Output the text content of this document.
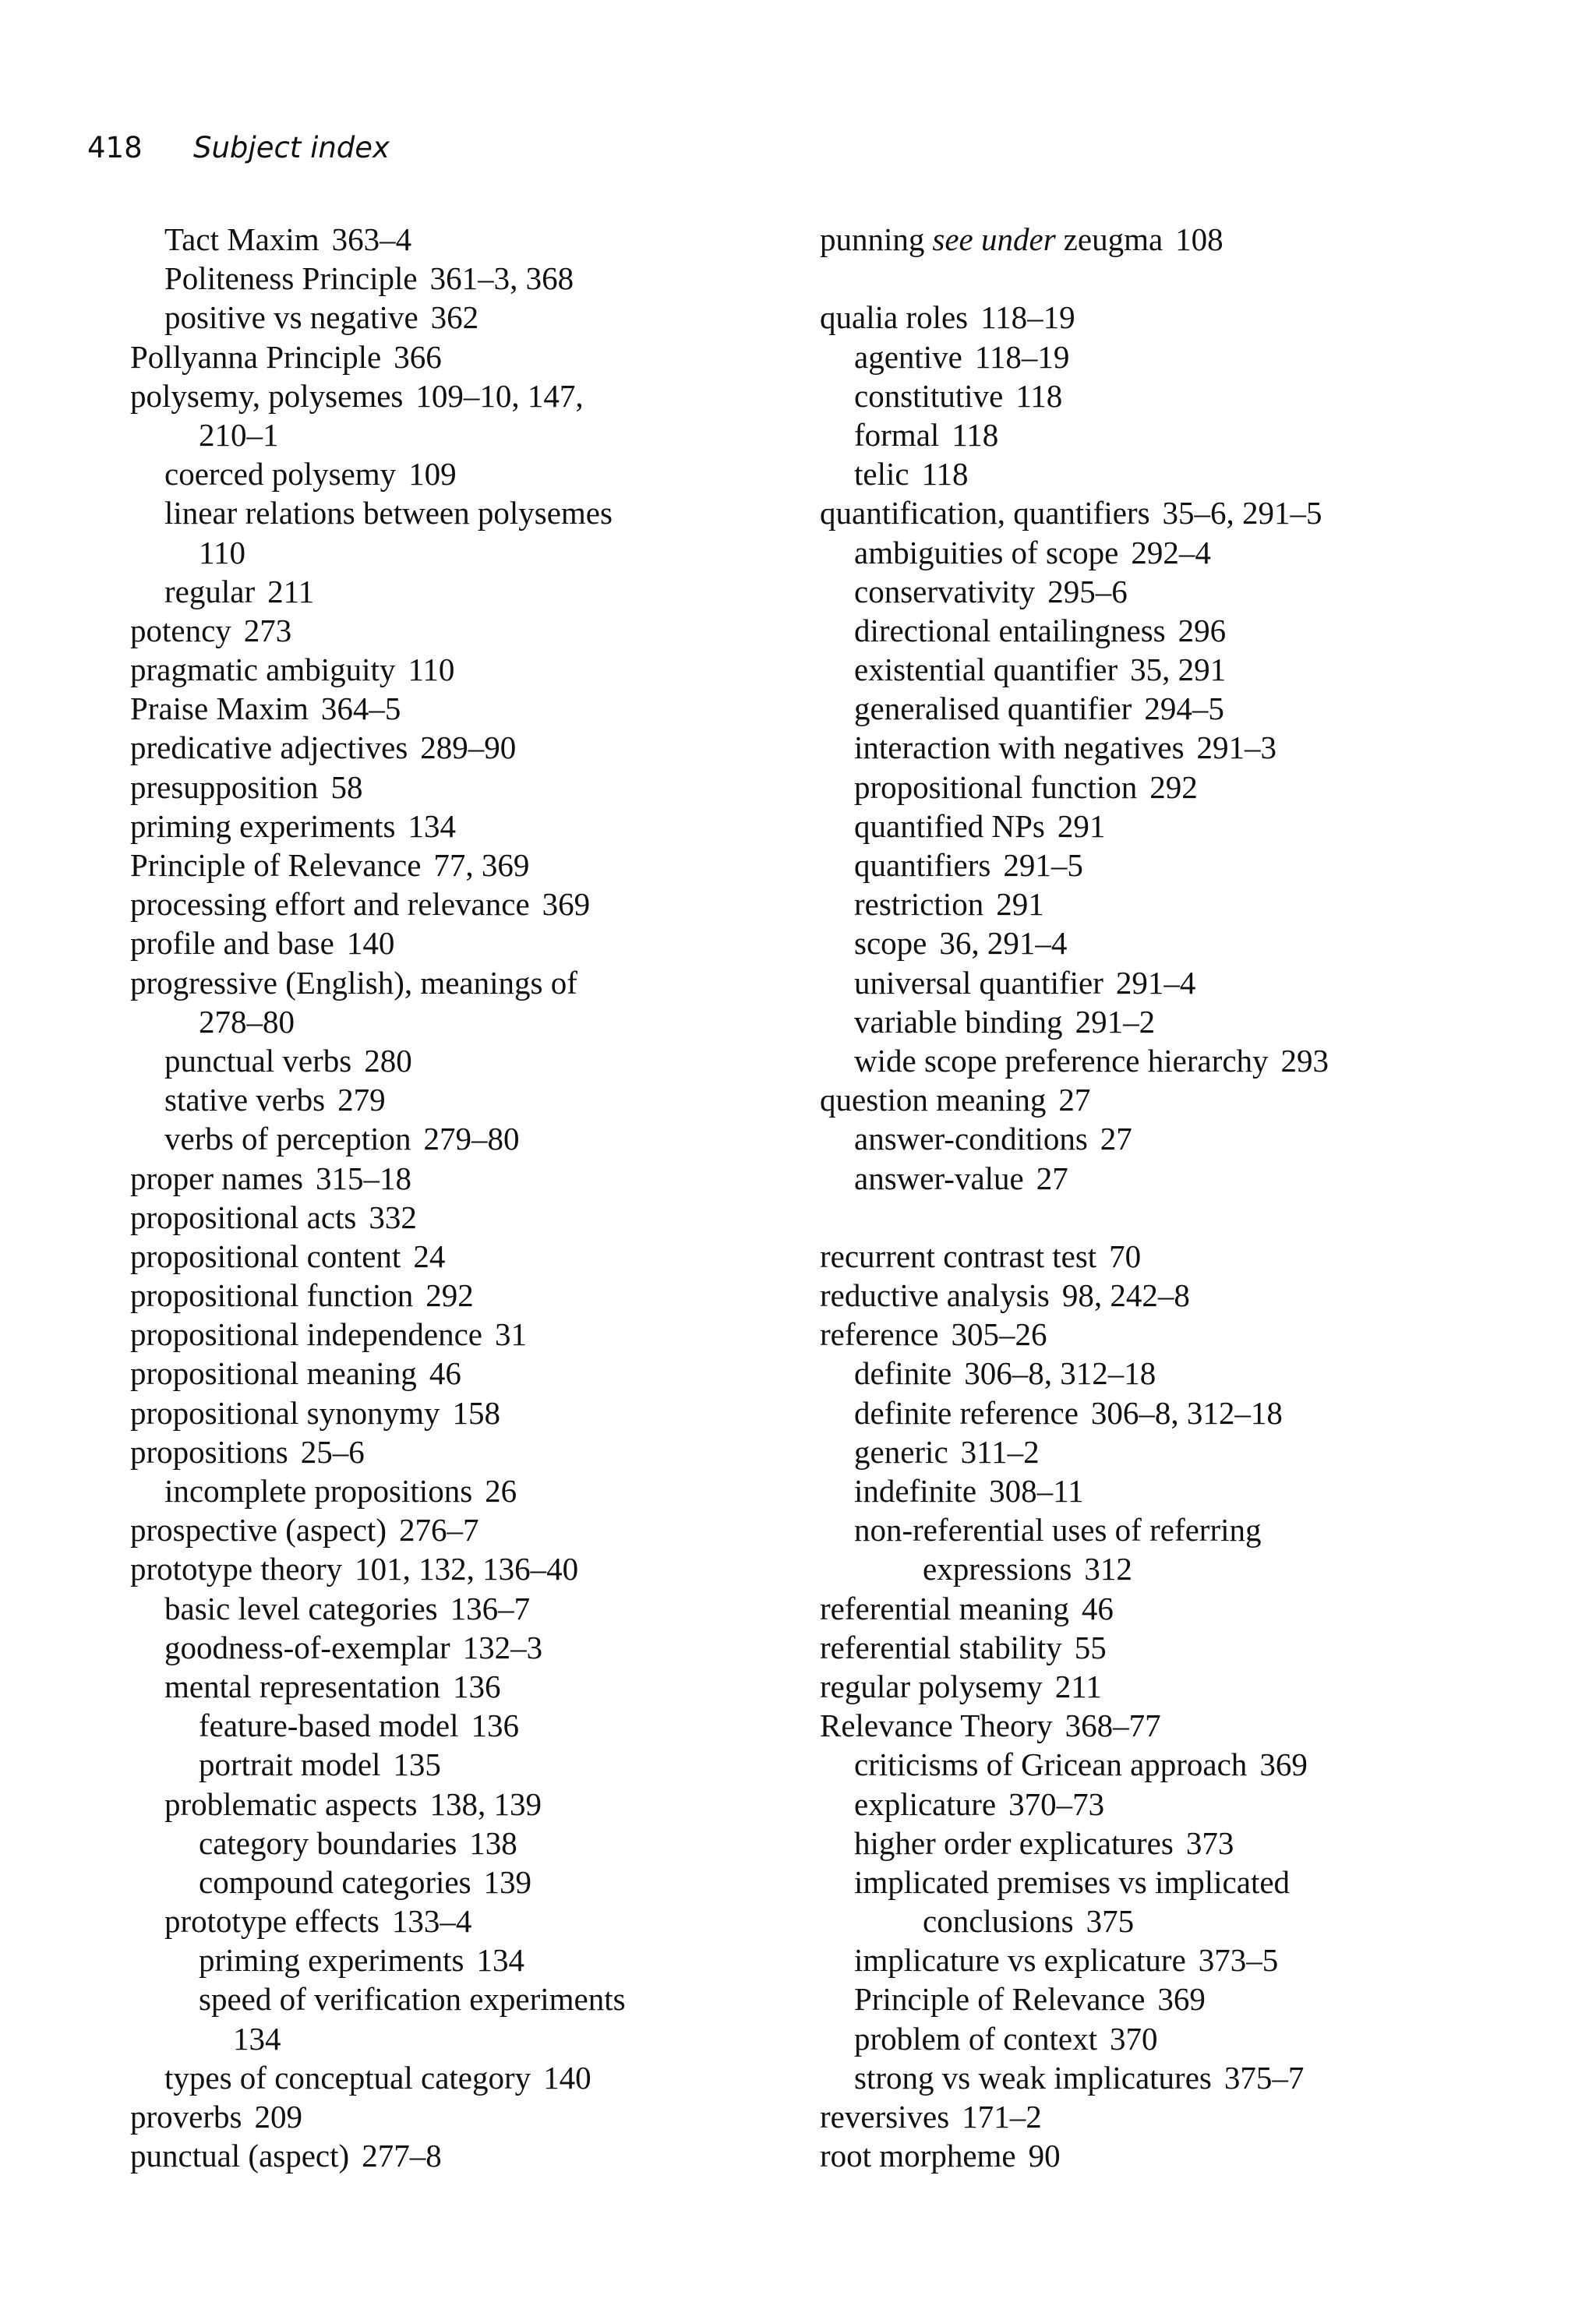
418 Subject index
Tact Maxim 363–4
Politeness Principle 361–3, 368
positive vs negative 362
Pollyanna Principle 366
polysemy, polysemes 109–10, 147,
210–1
coerced polysemy 109
linear relations between polysemes
110
regular 211
potency 273
pragmatic ambiguity 110
Praise Maxim 364–5
predicative adjectives 289–90
presupposition 58
priming experiments 134
Principle of Relevance 77, 369
processing effort and relevance 369
profile and base 140
progressive (English), meanings of
278–80
punctual verbs 280
stative verbs 279
verbs of perception 279–80
proper names 315–18
propositional acts 332
propositional content 24
propositional function 292
propositional independence 31
propositional meaning 46
propositional synonymy 158
propositions 25–6
incomplete propositions 26
prospective (aspect) 276–7
prototype theory 101, 132, 136–40
basic level categories 136–7
goodness-of-exemplar 132–3
mental representation 136
feature-based model 136
portrait model 135
problematic aspects 138, 139
category boundaries 138
compound categories 139
prototype effects 133–4
priming experiments 134
speed of verification experiments
134
types of conceptual category 140
proverbs 209
punctual (aspect) 277–8
punning see under zeugma 108
qualia roles 118–19
agentive 118–19
constitutive 118
formal 118
telic 118
quantification, quantifiers 35–6, 291–5
ambiguities of scope 292–4
conservativity 295–6
directional entailingness 296
existential quantifier 35, 291
generalised quantifier 294–5
interaction with negatives 291–3
propositional function 292
quantified NPs 291
quantifiers 291–5
restriction 291
scope 36, 291–4
universal quantifier 291–4
variable binding 291–2
wide scope preference hierarchy 293
question meaning 27
answer-conditions 27
answer-value 27
recurrent contrast test 70
reductive analysis 98, 242–8
reference 305–26
definite 306–8, 312–18
definite reference 306–8, 312–18
generic 311–2
indefinite 308–11
non-referential uses of referring
expressions 312
referential meaning 46
referential stability 55
regular polysemy 211
Relevance Theory 368–77
criticisms of Gricean approach 369
explicature 370–73
higher order explicatures 373
implicated premises vs implicated
conclusions 375
implicature vs explicature 373–5
Principle of Relevance 369
problem of context 370
strong vs weak implicatures 375–7
reversives 171–2
root morpheme 90
